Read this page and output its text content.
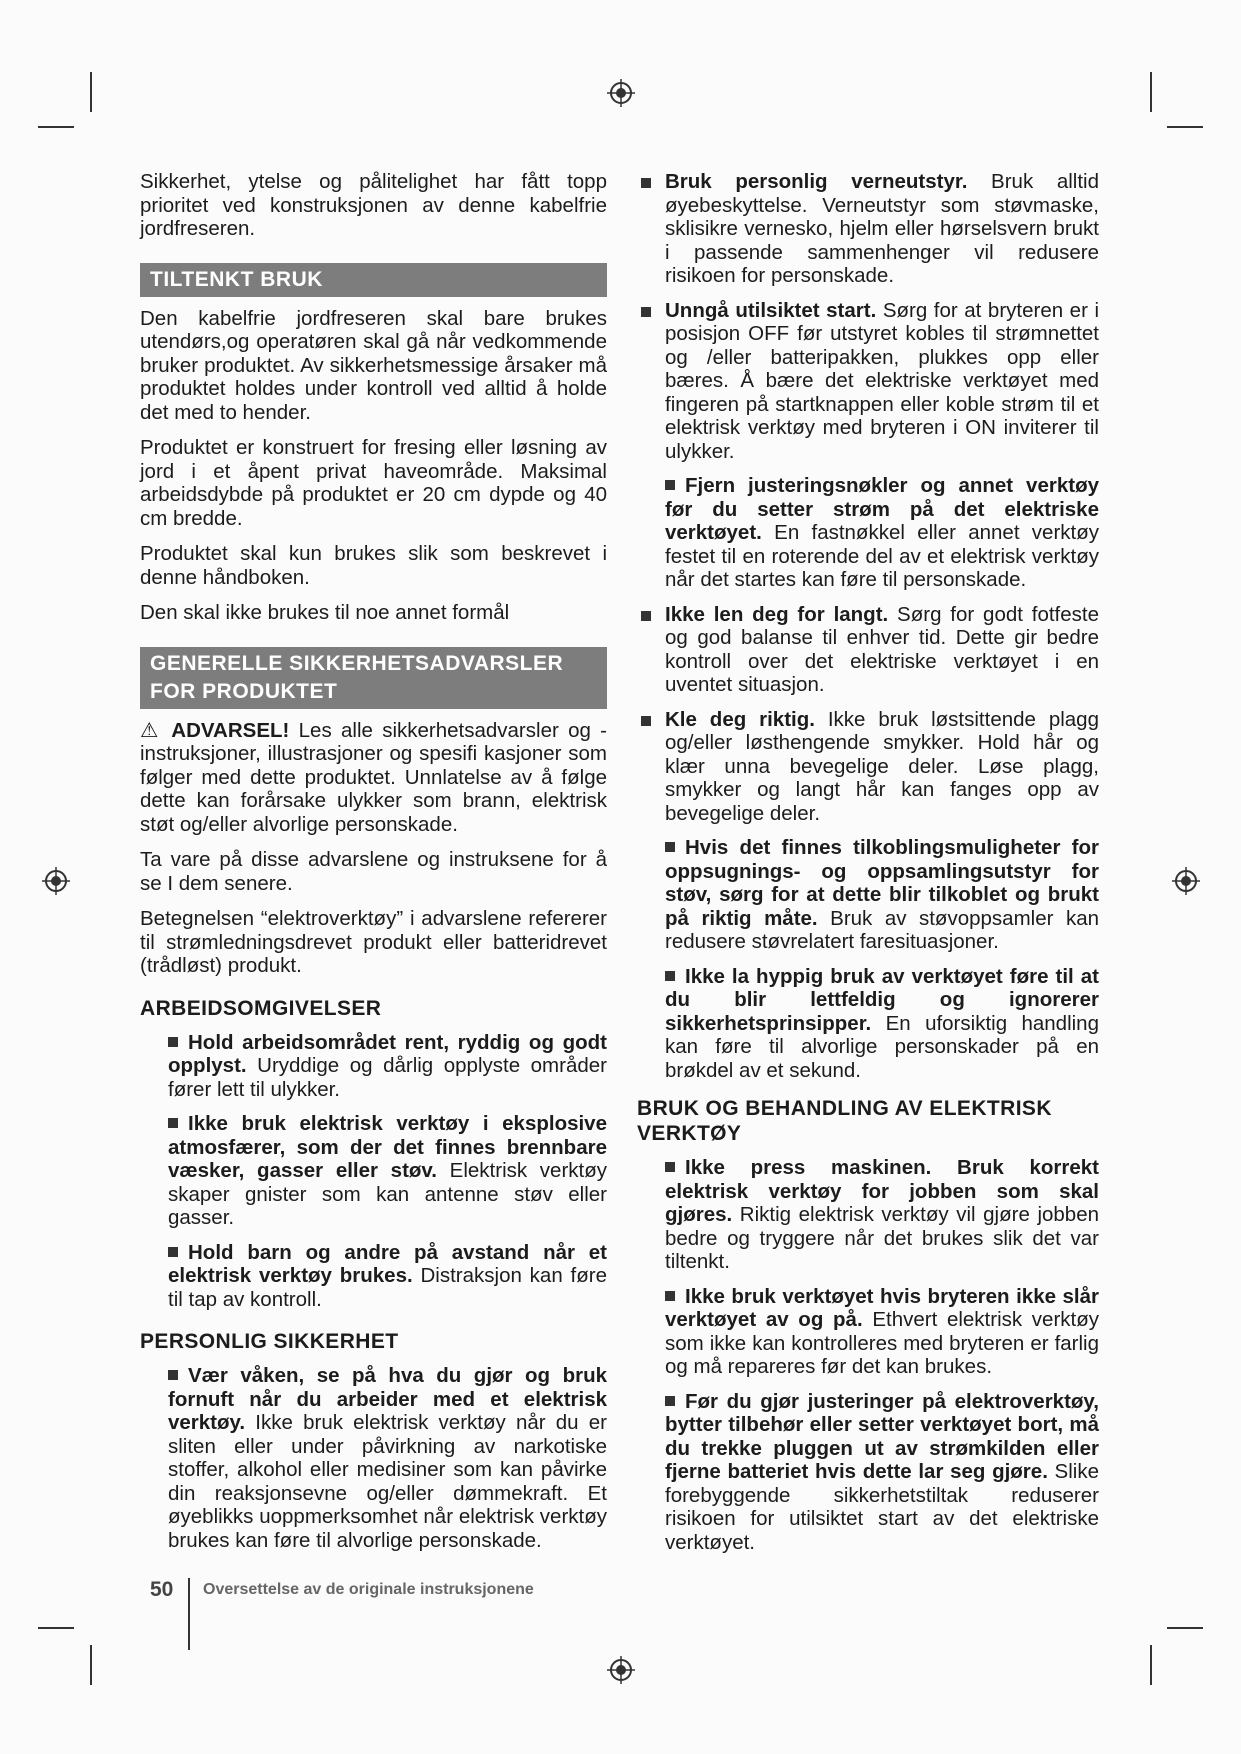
Sikkerhet, ytelse og pålitelighet har fått topp prioritet ved konstruksjonen av denne kabelfrie jordfreseren.

TILTENKT BRUK

Den kabelfrie jordfreseren skal bare brukes utendørs,og operatøren skal gå når vedkommende bruker produktet. Av sikkerhetsmessige årsaker må produktet holdes under kontroll ved alltid å holde det med to hender.

Produktet er konstruert for fresing eller løsning av jord i et åpent privat haveområde. Maksimal arbeidsdybde på produktet er 20 cm dypde og 40 cm bredde.

Produktet skal kun brukes slik som beskrevet i denne håndboken.

Den skal ikke brukes til noe annet formål

GENERELLE SIKKERHETSADVARSLER FOR PRODUKTET

⚠ ADVARSEL! Les alle sikkerhetsadvarsler og -instruksjoner, illustrasjoner og spesifi kasjoner som følger med dette produktet. Unnlatelse av å følge dette kan forårsake ulykker som brann, elektrisk støt og/eller alvorlige personskade.

Ta vare på disse advarslene og instruksene for å se I dem senere.

Betegnelsen “elektroverktøy” i advarslene refererer til strømledningsdrevet produkt eller batteridrevet (trådløst) produkt.

ARBEIDSOMGIVELSER
Hold arbeidsområdet rent, ryddig og godt opplyst. Uryddige og dårlig opplyste områder fører lett til ulykker.
Ikke bruk elektrisk verktøy i eksplosive atmosfærer, som der det finnes brennbare væsker, gasser eller støv. Elektrisk verktøy skaper gnister som kan antenne støv eller gasser.
Hold barn og andre på avstand når et elektrisk verktøy brukes. Distraksjon kan føre til tap av kontroll.
PERSONLIG SIKKERHET
Vær våken, se på hva du gjør og bruk fornuft når du arbeider med et elektrisk verktøy. Ikke bruk elektrisk verktøy når du er sliten eller under påvirkning av narkotiske stoffer, alkohol eller medisiner som kan påvirke din reaksjonsevne og/eller dømmekraft. Et øyeblikks uoppmerksomhet når elektrisk verktøy brukes kan føre til alvorlige personskade.
Bruk personlig verneutstyr. Bruk alltid øyebeskyttelse. Verneutstyr som støvmaske, sklisikre vernesko, hjelm eller hørselsvern brukt i passende sammenhenger vil redusere risikoen for personskade.
Unngå utilsiktet start. Sørg for at bryteren er i posisjon OFF før utstyret kobles til strømnettet og /eller batteripakken, plukkes opp eller bæres. Å bære det elektriske verktøyet med fingeren på startknappen eller koble strøm til et elektrisk verktøy med bryteren i ON inviterer til ulykker.
Fjern justeringsnøkler og annet verktøy før du setter strøm på det elektriske verktøyet. En fastnøkkel eller annet verktøy festet til en roterende del av et elektrisk verktøy når det startes kan føre til personskade.
Ikke len deg for langt. Sørg for godt fotfeste og god balanse til enhver tid. Dette gir bedre kontroll over det elektriske verktøyet i en uventet situasjon.
Kle deg riktig. Ikke bruk løstsittende plagg og/eller løsthengende smykker. Hold hår og klær unna bevegelige deler. Løse plagg, smykker og langt hår kan fanges opp av bevegelige deler.
Hvis det finnes tilkoblingsmuligheter for oppsugnings- og oppsamlingsutstyr for støv, sørg for at dette blir tilkoblet og brukt på riktig måte. Bruk av støvoppsamler kan redusere støvrelatert faresituasjoner.
Ikke la hyppig bruk av verktøyet føre til at du blir lettfeldig og ignorerer sikkerhetsprinsipper. En uforsiktig handling kan føre til alvorlige personskader på en brøkdel av et sekund.
BRUK OG BEHANDLING AV ELEKTRISK VERKTØY
Ikke press maskinen. Bruk korrekt elektrisk verktøy for jobben som skal gjøres. Riktig elektrisk verktøy vil gjøre jobben bedre og tryggere når det brukes slik det var tiltenkt.
Ikke bruk verktøyet hvis bryteren ikke slår verktøyet av og på. Ethvert elektrisk verktøy som ikke kan kontrolleres med bryteren er farlig og må repareres før det kan brukes.
Før du gjør justeringer på elektroverktøy, bytter tilbehør eller setter verktøyet bort, må du trekke pluggen ut av strømkilden eller fjerne batteriet hvis dette lar seg gjøre. Slike forebyggende sikkerhetstiltak reduserer risikoen for utilsiktet start av det elektriske verktøyet.
50 Oversettelse av de originale instruksjonene
